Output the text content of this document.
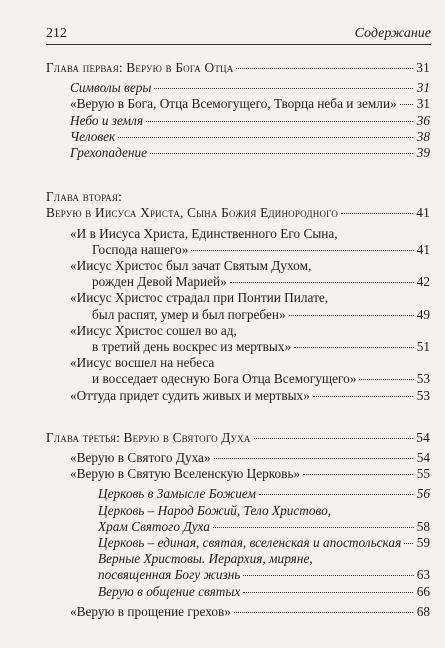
212	Содержание
Глава первая: Верую в Бога Отца	31
Символы веры	31
«Верую в Бога, Отца Всемогущего, Творца неба и земли» 31
Небо и земля	36
Человек	38
Грехопадение	39
Глава вторая:
Верую в Иисуса Христа, Сына Божия Единородного	41
«И в Иисуса Христа, Единственного Его Сына,
Господа нашего»	41
«Иисус Христос был зачат Святым Духом,
рожден Девой Марией»	42
«Иисус Христос страдал при Понтии Пилате,
был распят, умер и был погребен»	49
«Иисус Христос сошел во ад,
в третий день воскрес из мертвых»	51
«Иисус восшел на небеса
и восседает одесную Бога Отца Всемогущего»	53
«Оттуда придет судить живых и мертвых»	53
Глава третья: Верую в Святого Духа	54
«Верую в Святого Духа»	54
«Верую в Святую Вселенскую Церковь»	55
Церковь в Замысле Божием	56
Церковь – Народ Божий, Тело Христово,
Храм Святого Духа	58
Церковь – единая, святая, вселенская и апостольская 59
Верные Христовы. Иерархия, миряне,
посвященная Богу жизнь	63
Верую в общение святых	66
«Верую в прощение грехов»	68
